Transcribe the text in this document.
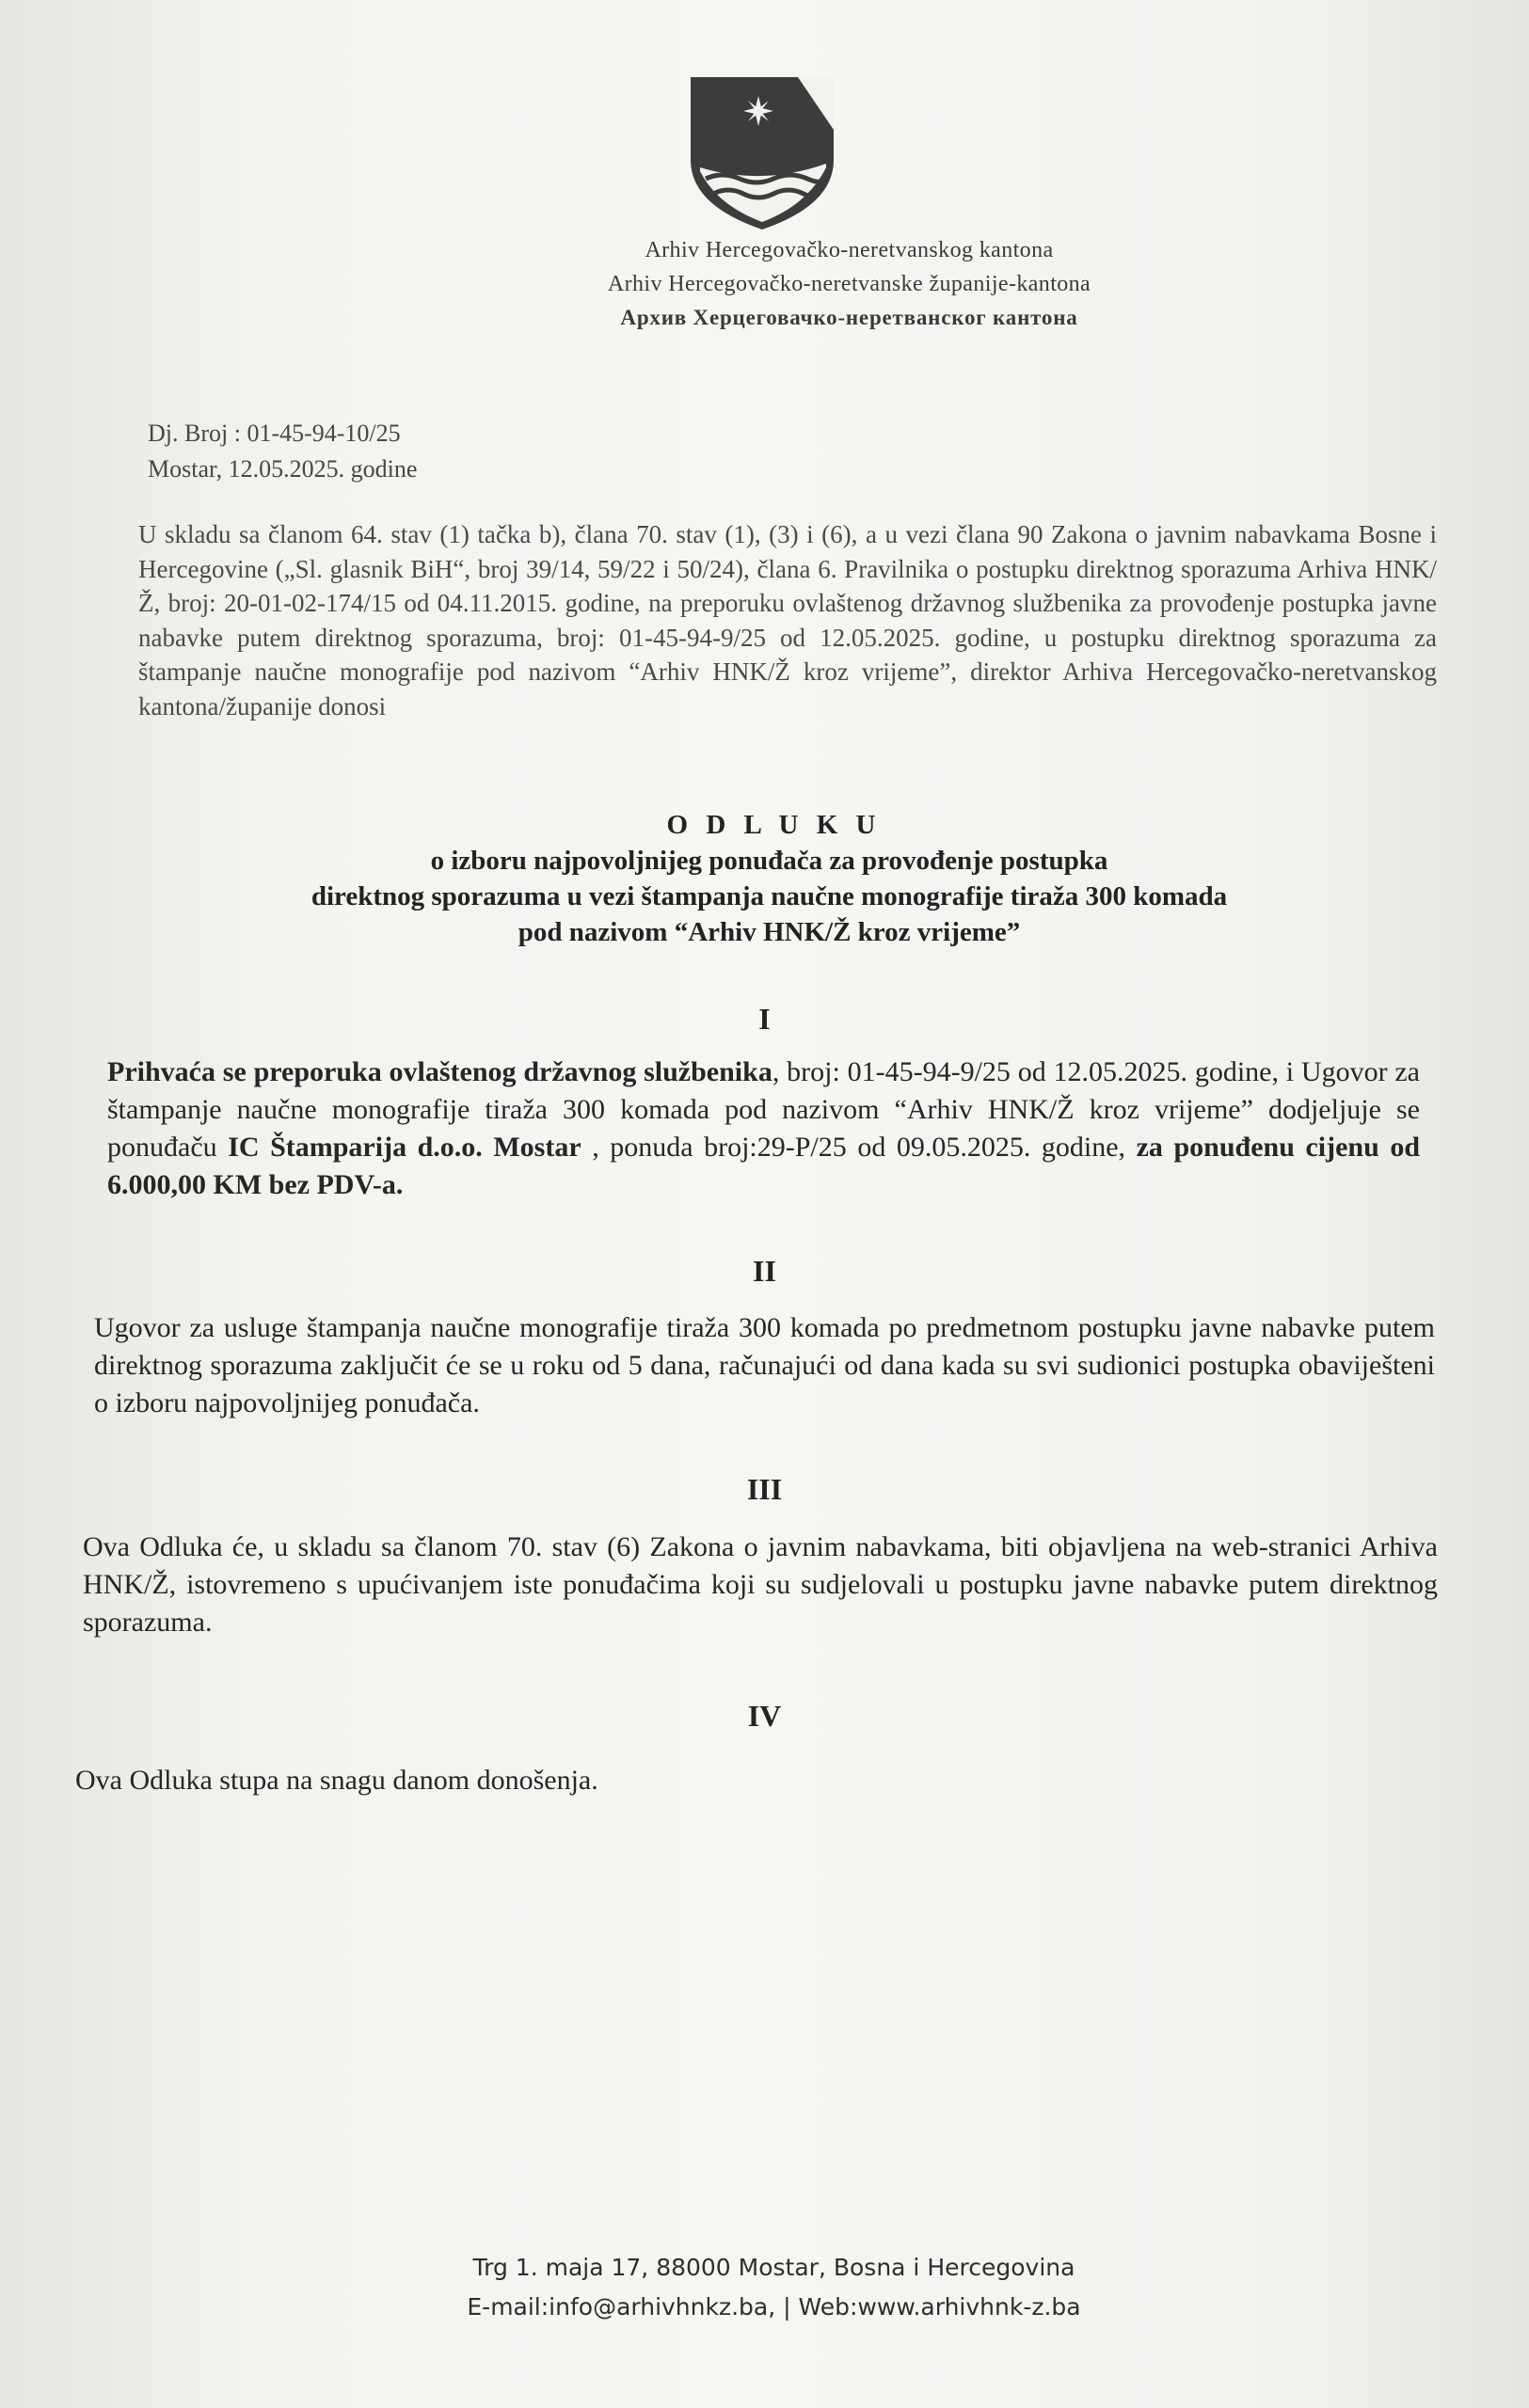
Arhiv Hercegovačko-neretvanskog kantona
Arhiv Hercegovačko-neretvanske županije-kantona
Архив Херцеговачко-неретванског кантона
Dj. Broj : 01-45-94-10/25
Mostar, 12.05.2025. godine
U skladu sa članom 64. stav (1) tačka b), člana 70. stav (1), (3) i (6), a u vezi člana 90 Zakona o javnim nabavkama Bosne i Hercegovine („Sl. glasnik BiH“, broj 39/14, 59/22 i 50/24), člana 6. Pravilnika o postupku direktnog sporazuma Arhiva HNK/Ž, broj: 20-01-02-174/15 od 04.11.2015. godine, na preporuku ovlaštenog državnog službenika za provođenje postupka javne nabavke putem direktnog sporazuma, broj: 01-45-94-9/25 od 12.05.2025. godine, u postupku direktnog sporazuma za štampanje naučne monografije pod nazivom “Arhiv HNK/Ž kroz vrijeme”, direktor Arhiva Hercegovačko-neretvanskog kantona/županije donosi
O D L U K U
o izboru najpovoljnijeg ponuđača za provođenje postupka
direktnog sporazuma u vezi štampanja naučne monografije tiraža 300 komada
pod nazivom “Arhiv HNK/Ž kroz vrijeme”
I
Prihvaća se preporuka ovlaštenog državnog službenika, broj: 01-45-94-9/25 od 12.05.2025. godine, i Ugovor za štampanje naučne monografije tiraža 300 komada pod nazivom “Arhiv HNK/Ž kroz vrijeme” dodjeljuje se ponuđaču IC Štamparija d.o.o. Mostar , ponuda broj:29-P/25 od 09.05.2025. godine, za ponuđenu cijenu od 6.000,00 KM bez PDV-a.
II
Ugovor za usluge štampanja naučne monografije tiraža 300 komada po predmetnom postupku javne nabavke putem direktnog sporazuma zaključit će se u roku od 5 dana, računajući od dana kada su svi sudionici postupka obaviješteni o izboru najpovoljnijeg ponuđača.
III
Ova Odluka će, u skladu sa članom 70. stav (6) Zakona o javnim nabavkama, biti objavljena na web-stranici Arhiva HNK/Ž, istovremeno s upućivanjem iste ponuđačima koji su sudjelovali u postupku javne nabavke putem direktnog sporazuma.
IV
Ova Odluka stupa na snagu danom donošenja.
Trg 1. maja 17, 88000 Mostar, Bosna i Hercegovina
E-mail:info@arhivhnkz.ba, | Web:www.arhivhnk-z.ba
